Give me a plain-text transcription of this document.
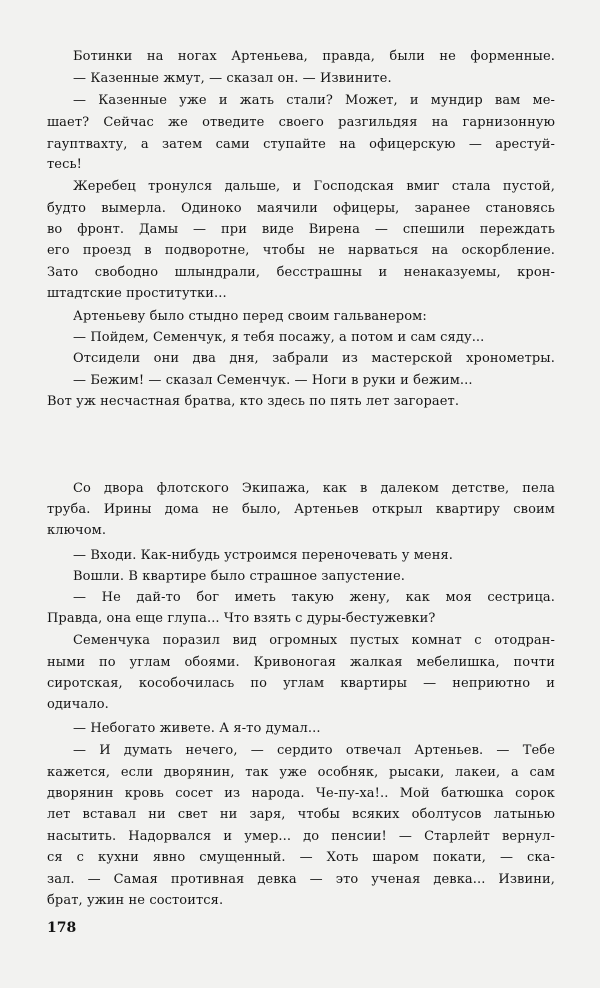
Ботинки на ногах Артеньева, правда, были не форменные.
— Казенные жмут, — сказал он. — Извините.
— Казенные уже и жать стали? Может, и мундир вам ме-
шает? Сейчас же отведите своего разгильдяя на гарнизонную
гауптвахту, а затем сами ступайте на офицерскую — арестуй-
тесь!
Жеребец тронулся дальше, и Господская вмиг стала пустой,
будто вымерла. Одиноко маячили офицеры, заранее становясь
во фронт. Дамы — при виде Вирена — спешили переждать
его проезд в подворотне, чтобы не нарваться на оскорбление.
Зато свободно шлындрали, бесстрашны и ненаказуемы, крон-
штадтские проститутки...
Артеньеву было стыдно перед своим гальванером:
— Пойдем, Семенчук, я тебя посажу, а потом и сам сяду...
Отсидели они два дня, забрали из мастерской хронометры.
— Бежим! — сказал Семенчук. — Ноги в руки и бежим...
Вот уж несчастная братва, кто здесь по пять лет загорает.
Со двора флотского Экипажа, как в далеком детстве, пела
труба. Ирины дома не было, Артеньев открыл квартиру своим
ключом.
— Входи. Как-нибудь устроимся переночевать у меня.
Вошли. В квартире было страшное запустение.
— Не дай-то бог иметь такую жену, как моя сестрица.
Правда, она еще глупа... Что взять с дуры-бестужевки?
Семенчука поразил вид огромных пустых комнат с отодран-
ными по углам обоями. Кривоногая жалкая мебелишка, почти
сиротская, кособочилась по углам квартиры — неприютно и
одичало.
— Небогато живете. А я-то думал...
— И думать нечего, — сердито отвечал Артеньев. — Тебе
кажется, если дворянин, так уже особняк, рысаки, лакеи, а сам
дворянин кровь сосет из народа. Че-пу-ха!.. Мой батюшка сорок
лет вставал ни свет ни заря, чтобы всяких оболтусов латынью
насытить. Надорвался и умер... до пенсии! — Старлейт вернул-
ся с кухни явно смущенный. — Хоть шаром покати, — ска-
зал. — Самая противная девка — это ученая девка... Извини,
брат, ужин не состоится.
178
